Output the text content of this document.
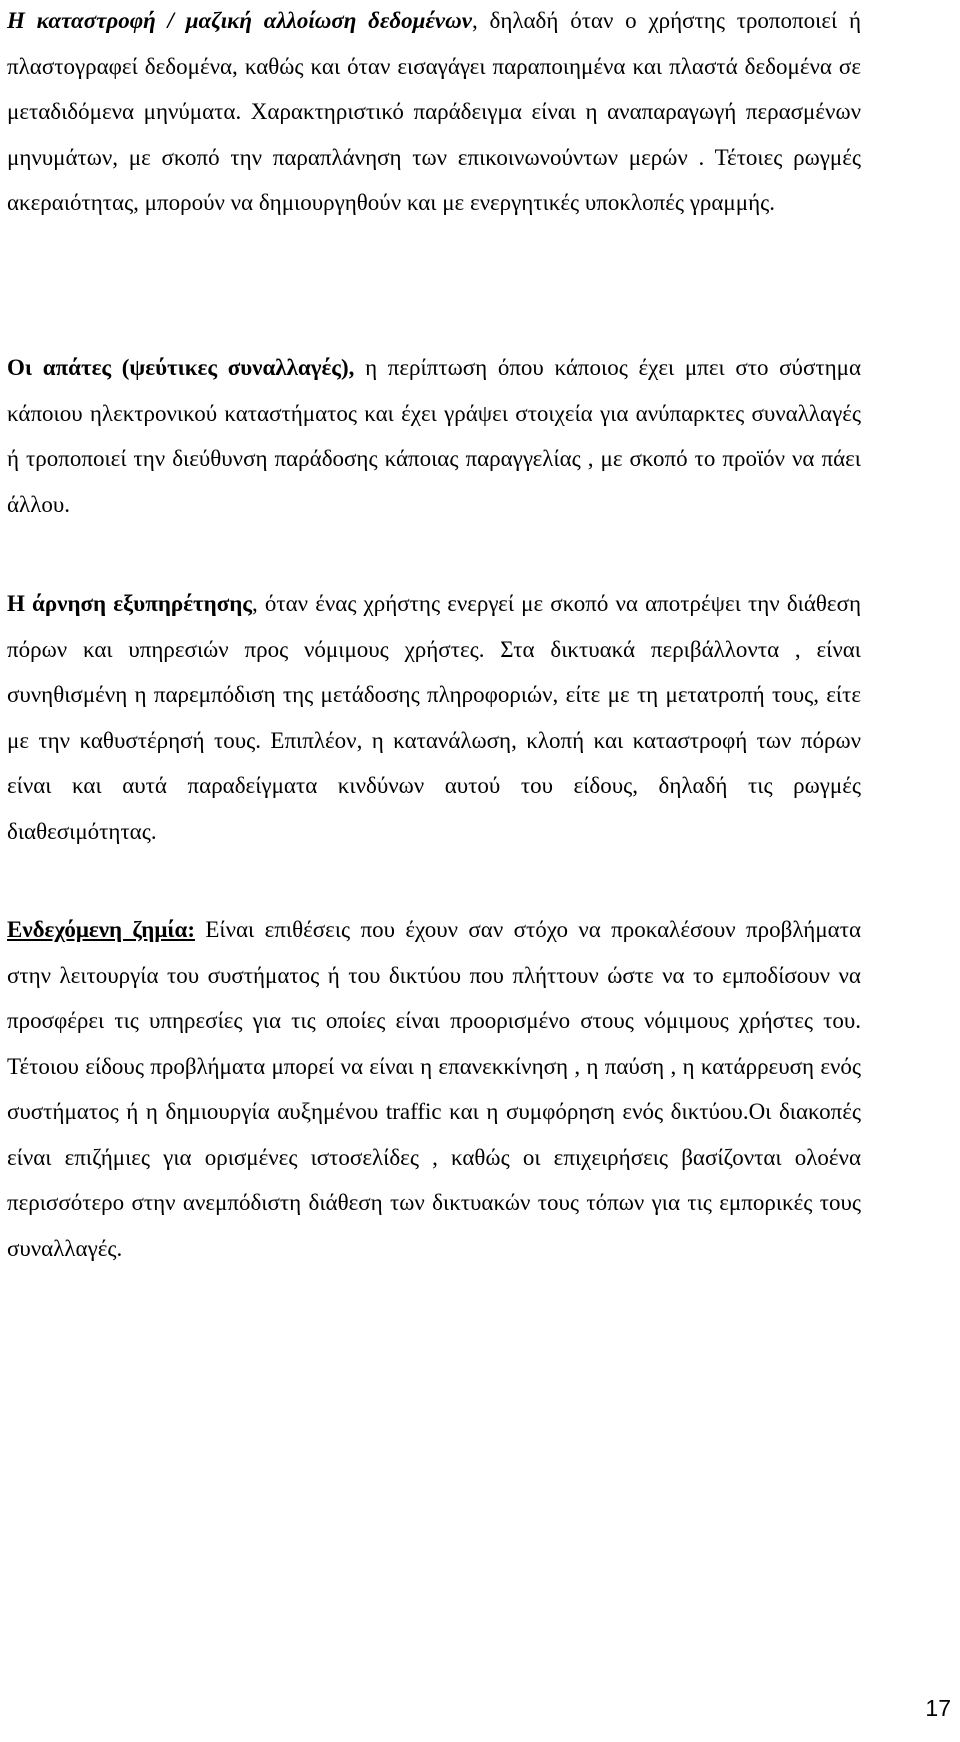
Η καταστροφή / μαζική αλλοίωση δεδομένων, δηλαδή όταν ο χρήστης τροποποιεί ή πλαστογραφεί δεδομένα, καθώς και όταν εισαγάγει παραποιημένα και πλαστά δεδομένα σε μεταδιδόμενα μηνύματα. Χαρακτηριστικό παράδειγμα είναι η αναπαραγωγή περασμένων μηνυμάτων, με σκοπό την παραπλάνηση των επικοινωνούντων μερών . Τέτοιες ρωγμές ακεραιότητας, μπορούν να δημιουργηθούν και με ενεργητικές υποκλοπές γραμμής.

Οι απάτες (ψεύτικες συναλλαγές), η περίπτωση όπου κάποιος έχει μπει στο σύστημα κάποιου ηλεκτρονικού καταστήματος και έχει γράψει στοιχεία για ανύπαρκτες συναλλαγές ή τροποποιεί την διεύθυνση παράδοσης κάποιας παραγγελίας , με σκοπό το προϊόν να πάει άλλου.

Η άρνηση εξυπηρέτησης, όταν ένας χρήστης ενεργεί με σκοπό να αποτρέψει την διάθεση πόρων και υπηρεσιών προς νόμιμους χρήστες. Στα δικτυακά περιβάλλοντα , είναι συνηθισμένη η παρεμπόδιση της μετάδοσης πληροφοριών, είτε με τη μετατροπή τους, είτε με την καθυστέρησή τους. Επιπλέον, η κατανάλωση, κλοπή και καταστροφή των πόρων είναι και αυτά παραδείγματα κινδύνων αυτού του είδους, δηλαδή τις ρωγμές διαθεσιμότητας.

Ενδεχόμενη ζημία: Είναι επιθέσεις που έχουν σαν στόχο να προκαλέσουν προβλήματα στην λειτουργία του συστήματος ή του δικτύου που πλήττουν ώστε να το εμποδίσουν να προσφέρει τις υπηρεσίες για τις οποίες είναι προορισμένο στους νόμιμους χρήστες του. Τέτοιου είδους προβλήματα μπορεί να είναι η επανεκκίνηση , η παύση , η κατάρρευση ενός συστήματος ή η δημιουργία αυξημένου traffic και η συμφόρηση ενός δικτύου.Οι διακοπές είναι επιζήμιες για ορισμένες ιστοσελίδες , καθώς οι επιχειρήσεις βασίζονται ολοένα περισσότερο στην ανεμπόδιστη διάθεση των δικτυακών τους τόπων για τις εμπορικές τους συναλλαγές.

17
